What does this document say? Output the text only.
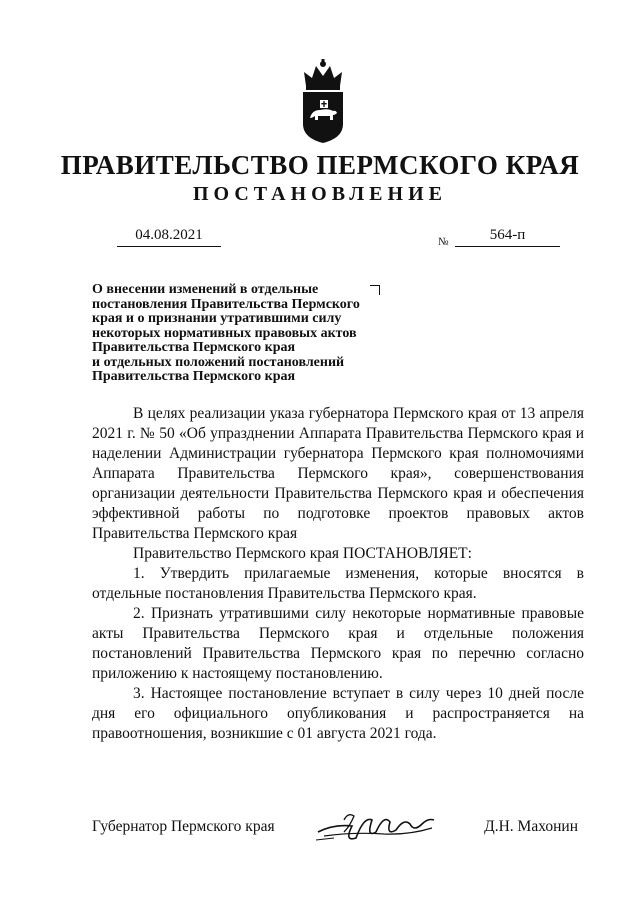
ПРАВИТЕЛЬСТВО ПЕРМСКОГО КРАЯ
ПОСТАНОВЛЕНИЕ
04.08.2021	№	564-п
О внесении изменений в отдельные
постановления Правительства Пермского
края и о признании утратившими силу
некоторых нормативных правовых актов
Правительства Пермского края
и отдельных положений постановлений
Правительства Пермского края

В целях реализации указа губернатора Пермского края от 13 апреля 2021 г. № 50 «Об упразднении Аппарата Правительства Пермского края и наделении Администрации губернатора Пермского края полномочиями Аппарата Правительства Пермского края», совершенствования организации деятельности Правительства Пермского края и обеспечения эффективной работы по подготовке проектов правовых актов Правительства Пермского края

Правительство Пермского края ПОСТАНОВЛЯЕТ:

1. Утвердить прилагаемые изменения, которые вносятся в отдельные постановления Правительства Пермского края.

2. Признать утратившими силу некоторые нормативные правовые акты Правительства Пермского края и отдельные положения постановлений Правительства Пермского края по перечню согласно приложению к настоящему постановлению.

3. Настоящее постановление вступает в силу через 10 дней после дня его официального опубликования и распространяется на правоотношения, возникшие с 01 августа 2021 года.

Губернатор Пермского края	Д.Н. Махонин
